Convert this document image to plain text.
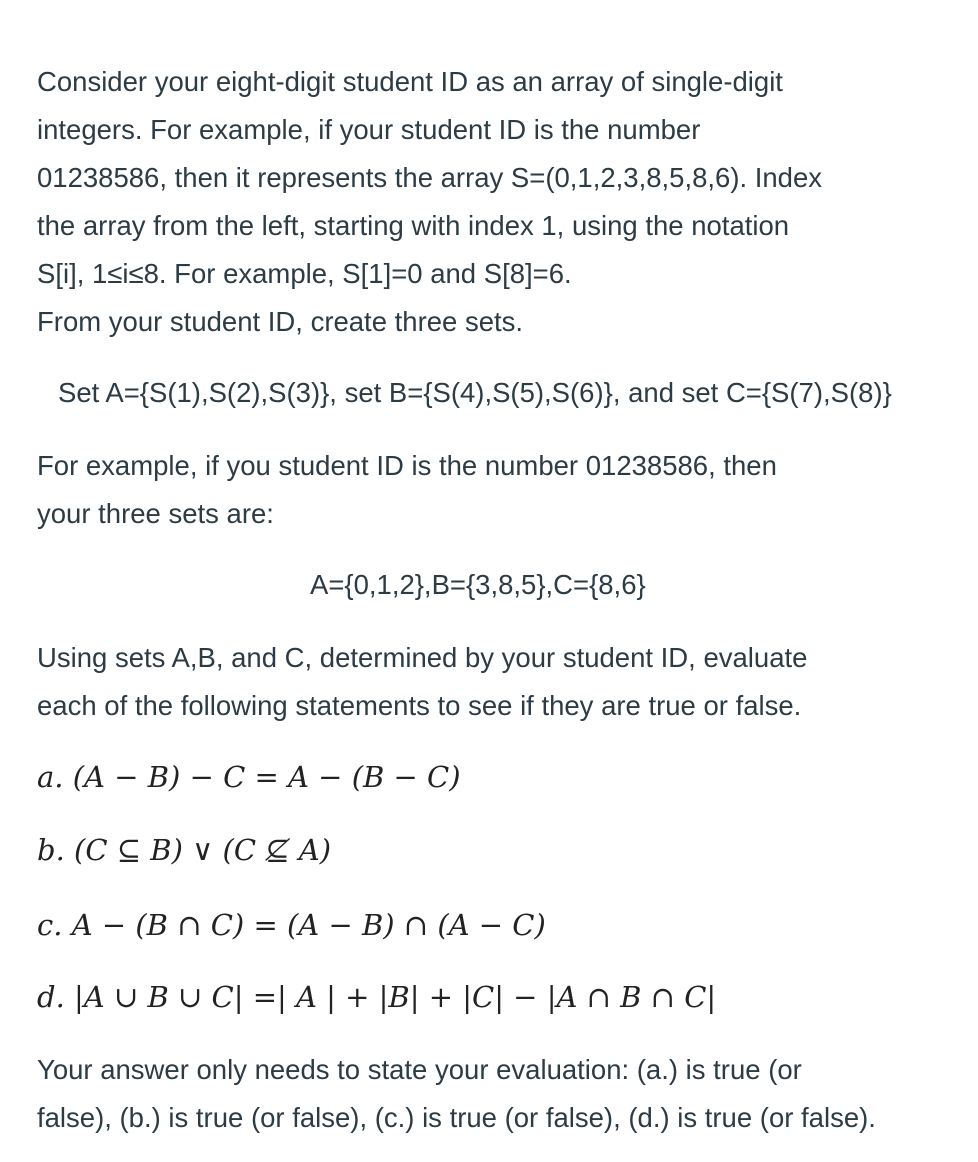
Consider your eight-digit student ID as an array of single-digit
integers. For example, if your student ID is the number
01238586, then it represents the array S=(0,1,2,3,8,5,8,6). Index
the array from the left, starting with index 1, using the notation
S[i], 1≤i≤8. For example, S[1]=0 and S[8]=6.
From your student ID, create three sets.

Set A={S(1),S(2),S(3)}, set B={S(4),S(5),S(6)}, and set C={S(7),S(8)}

For example, if you student ID is the number 01238586, then
your three sets are:

A={0,1,2},B={3,8,5},C={8,6}

Using sets A,B, and C, determined by your student ID, evaluate
each of the following statements to see if they are true or false.

a. (A − B) − C = A − (B − C)
b. (C ⊆ B) ∨ (C ⊈ A)
c. A − (B ∩ C) = (A − B) ∩ (A − C)
d. |A ∪ B ∪ C| =| A | + |B| + |C| − |A ∩ B ∩ C|

Your answer only needs to state your evaluation: (a.) is true (or
false), (b.) is true (or false), (c.) is true (or false), (d.) is true (or false).
